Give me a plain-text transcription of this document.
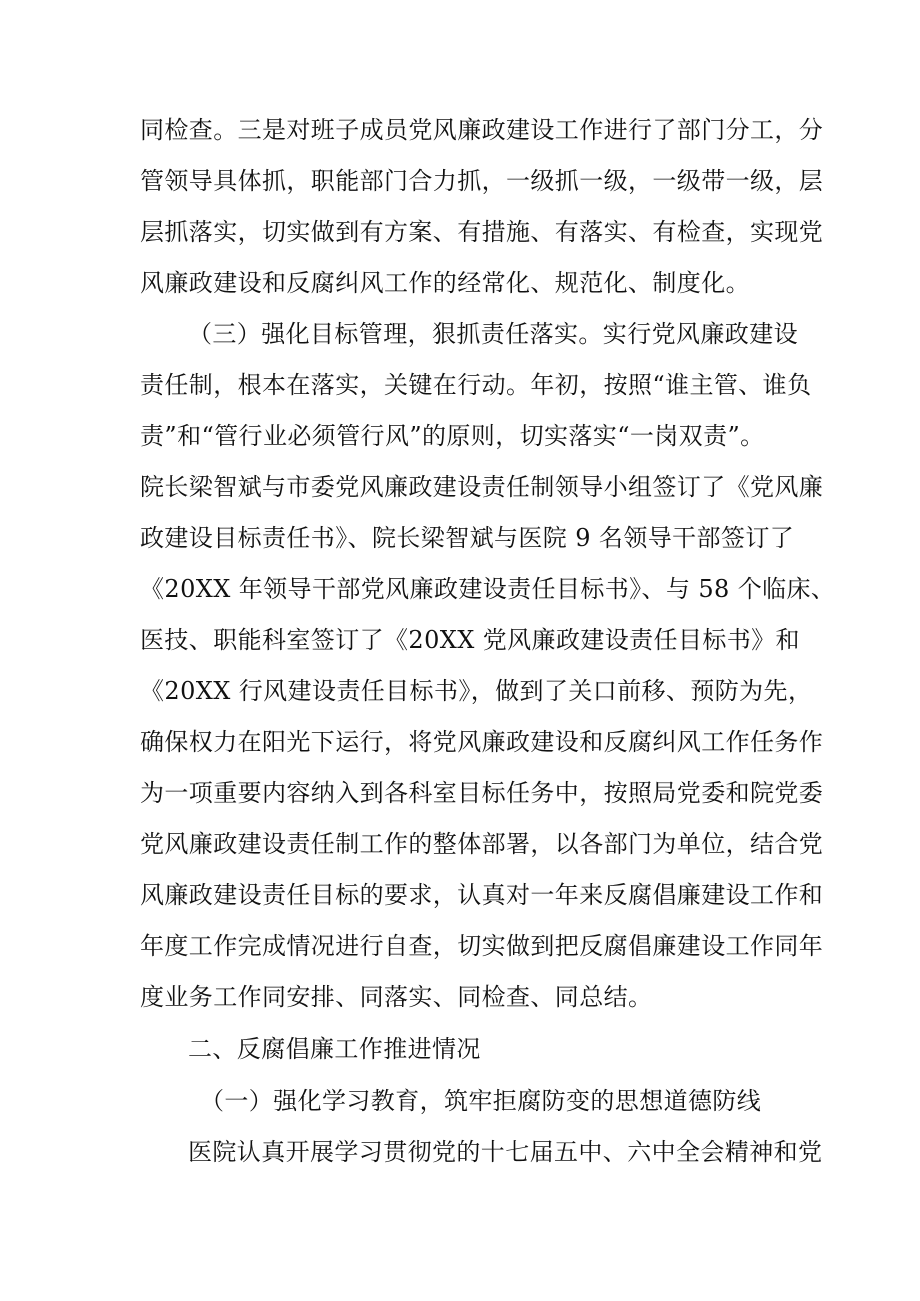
同检查。三是对班子成员党风廉政建设工作进行了部门分工，分
管领导具体抓，职能部门合力抓，一级抓一级，一级带一级，层
层抓落实，切实做到有方案、有措施、有落实、有检查，实现党
风廉政建设和反腐纠风工作的经常化、规范化、制度化。
（三）强化目标管理，狠抓责任落实。实行党风廉政建设
责任制，根本在落实，关键在行动。年初，按照“谁主管、谁负
责”和“管行业必须管行风”的原则，切实落实“一岗双责”。
院长梁智斌与市委党风廉政建设责任制领导小组签订了《党风廉
政建设目标责任书》、院长梁智斌与医院 9 名领导干部签订了
《20XX 年领导干部党风廉政建设责任目标书》、与 58 个临床、
医技、职能科室签订了《20XX 党风廉政建设责任目标书》和
《20XX 行风建设责任目标书》，做到了关口前移、预防为先，
确保权力在阳光下运行，将党风廉政建设和反腐纠风工作任务作
为一项重要内容纳入到各科室目标任务中，按照局党委和院党委
党风廉政建设责任制工作的整体部署，以各部门为单位，结合党
风廉政建设责任目标的要求，认真对一年来反腐倡廉建设工作和
年度工作完成情况进行自查，切实做到把反腐倡廉建设工作同年
度业务工作同安排、同落实、同检查、同总结。
二、反腐倡廉工作推进情况
（一）强化学习教育，筑牢拒腐防变的思想道德防线
医院认真开展学习贯彻党的十七届五中、六中全会精神和党
